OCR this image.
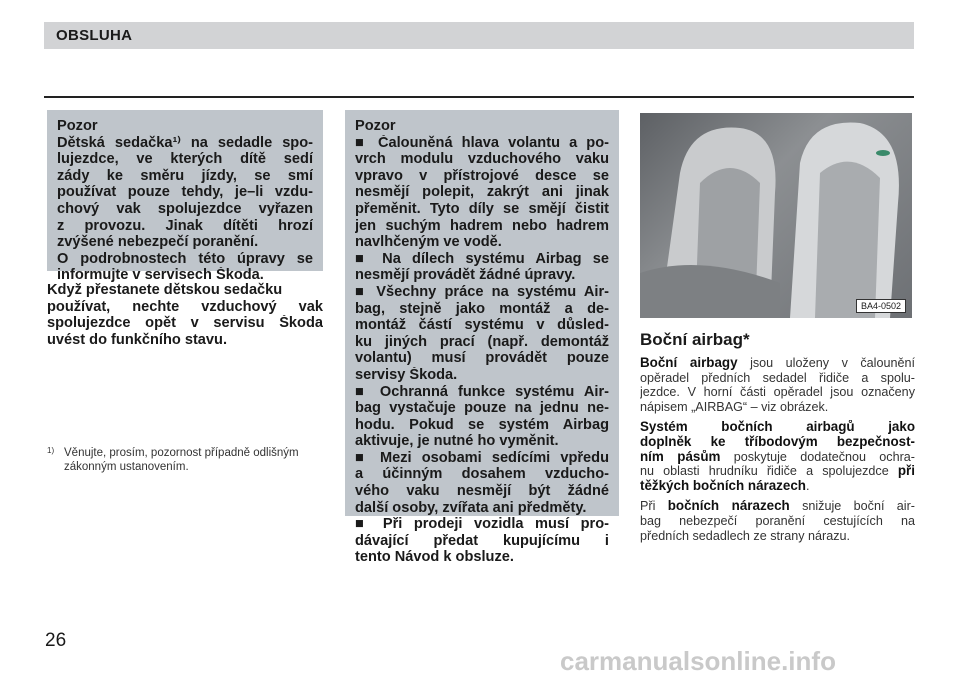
OBSLUHA
Pozor
Dětská sedačka¹⁾ na sedadle spo-
lujezdce, ve kterých dítě sedí
zády ke směru jízdy, se smí
používat pouze tehdy, je–li vzdu-
chový vak spolujezdce vyřazen
z provozu. Jinak dítěti hrozí
zvýšené nebezpečí poranění.
O podrobnostech této úpravy se
informujte v servisech Škoda.
Když přestanete dětskou sedačku
používat, nechte vzduchový vak
spolujezdce opět v servisu Škoda
uvést do funkčního stavu.
1) Věnujte, prosím, pozornost případně odlišným
zákonným ustanovením.
Pozor
■ Čalouněná hlava volantu a po-
vrch modulu vzduchového vaku
vpravo v přístrojové desce se
nesmějí polepit, zakrýt ani jinak
přeměnit. Tyto díly se smějí čistit
jen suchým hadrem nebo hadrem
navlhčeným ve vodě.
■ Na dílech systému Airbag se
nesmějí provádět žádné úpravy.
■ Všechny práce na systému Air-
bag, stejně jako montáž a de-
montáž částí systému v důsled-
ku jiných prací (např. demontáž
volantu) musí provádět pouze
servisy Škoda.
■ Ochranná funkce systému Air-
bag vystačuje pouze na jednu ne-
hodu. Pokud se systém Airbag
aktivuje, je nutné ho vyměnit.
■ Mezi osobami sedícími vpředu
a účinným dosahem vzducho-
vého vaku nesmějí být žádné
další osoby, zvířata ani předměty.
■ Při prodeji vozidla musí pro-
dávající předat kupujícímu i
tento Návod k obsluze.
BA4-0502
Boční airbag*
Boční airbagy jsou uloženy v čalounění
opěradel předních sedadel řidiče a spolu-
jezdce. V horní části opěradel jsou označeny
nápisem „AIRBAG“ – viz obrázek.
Systém bočních airbagů jako
doplněk ke tříbodovým bezpečnost-
ním pásům poskytuje dodatečnou ochra-
nu oblasti hrudníku řidiče a spolujezdce při
těžkých bočních nárazech.
Při bočních nárazech snižuje boční air-
bag nebezpečí poranění cestujících na
předních sedadlech ze strany nárazu.
26
carmanualsonline.info
